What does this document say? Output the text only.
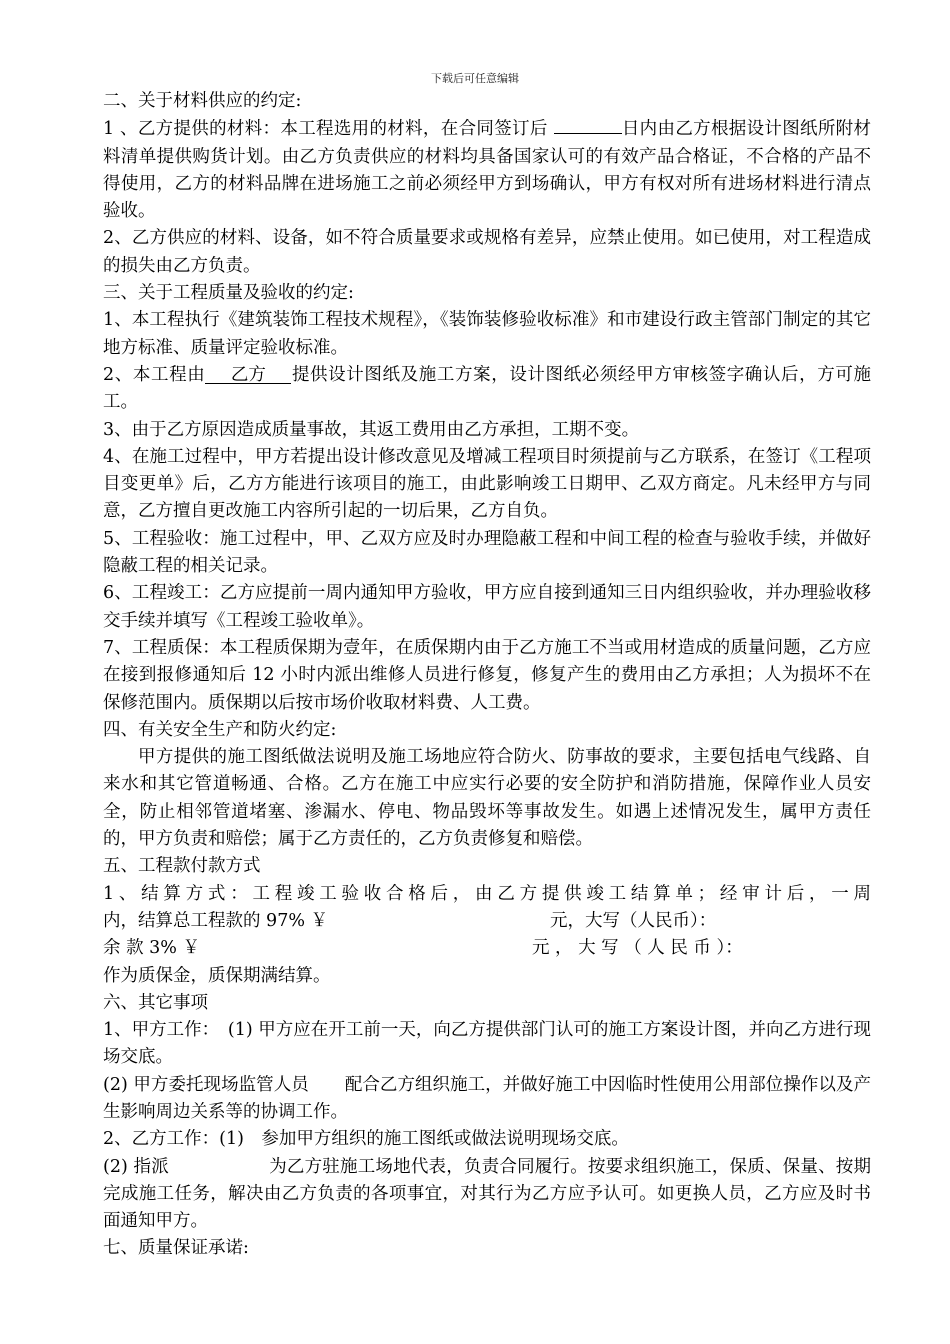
下载后可任意编辑

二、关于材料供应的约定:

1 、乙方提供的材料：本工程选用的材料，在合同签订后	日内由乙方根据设计图纸所附材料清单提供购货计划。由乙方负责供应的材料均具备国家认可的有效产品合格证，不合格的产品不得使用，乙方的材料品牌在进场施工之前必须经甲方到场确认，甲方有权对所有进场材料进行清点验收。

2、乙方供应的材料、设备，如不符合质量要求或规格有差异，应禁止使用。如已使用，对工程造成的损失由乙方负责。

三、关于工程质量及验收的约定:

1、本工程执行《建筑装饰工程技术规程》，《装饰装修验收标准》和市建设行政主管部门制定的其它地方标准、质量评定验收标准。

2、本工程由 乙方 提供设计图纸及施工方案，设计图纸必须经甲方审核签字确认后，方可施工。

3、由于乙方原因造成质量事故，其返工费用由乙方承担，工期不变。

4、在施工过程中，甲方若提出设计修改意见及增减工程项目时须提前与乙方联系，在签订《工程项目变更单》后，乙方方能进行该项目的施工，由此影响竣工日期甲、乙双方商定。凡未经甲方与同意，乙方擅自更改施工内容所引起的一切后果，乙方自负。

5、工程验收：施工过程中，甲、乙双方应及时办理隐蔽工程和中间工程的检查与验收手续，并做好隐蔽工程的相关记录。

6、工程竣工：乙方应提前一周内通知甲方验收，甲方应自接到通知三日内组织验收，并办理验收移交手续并填写《工程竣工验收单》。

7、工程质保：本工程质保期为壹年，在质保期内由于乙方施工不当或用材造成的质量问题，乙方应在接到报修通知后 12 小时内派出维修人员进行修复，修复产生的费用由乙方承担；人为损坏不在保修范围内。质保期以后按市场价收取材料费、人工费。

四、有关安全生产和防火约定:

甲方提供的施工图纸做法说明及施工场地应符合防火、防事故的要求，主要包括电气线路、自来水和其它管道畅通、合格。乙方在施工中应实行必要的安全防护和消防措施，保障作业人员安全，防止相邻管道堵塞、渗漏水、停电、物品毁坏等事故发生。如遇上述情况发生，属甲方责任的，甲方负责和赔偿；属于乙方责任的，乙方负责修复和赔偿。

五、工程款付款方式

1、结算方式：工程竣工验收合格后，由乙方提供竣工结算单；经审计后，一周

内，结算总工程款的 97% ￥	元，大写（人民币）：

余 款 3% ￥	元 ， 大 写 （ 人 民 币 ）：

作为质保金，质保期满结算。

六、其它事项

1、甲方工作：　(1) 甲方应在开工前一天，向乙方提供部门认可的施工方案设计图，并向乙方进行现场交底。

(2) 甲方委托现场监管人员 配合乙方组织施工，并做好施工中因临时性使用公用部位操作以及产生影响周边关系等的协调工作。

2、乙方工作：(1)　参加甲方组织的施工图纸或做法说明现场交底。

(2) 指派	为乙方驻施工场地代表，负责合同履行。按要求组织施工，保质、保量、按期完成施工任务，解决由乙方负责的各项事宜，对其行为乙方应予认可。如更换人员，乙方应及时书面通知甲方。

七、质量保证承诺:
